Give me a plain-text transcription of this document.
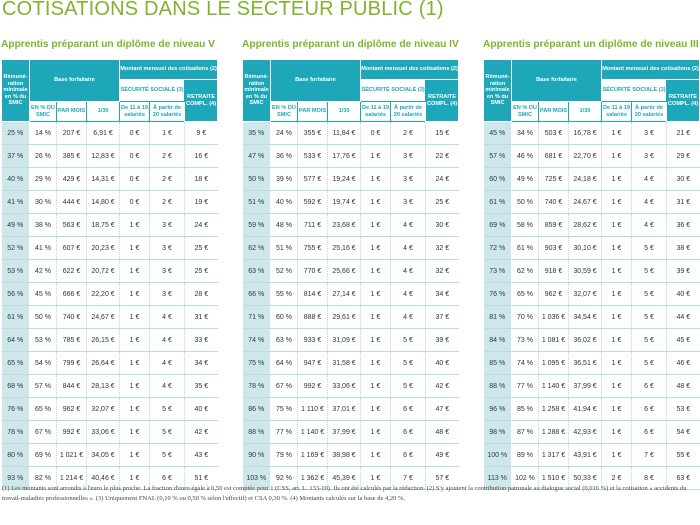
COTISATIONS DANS LE SECTEUR PUBLIC (1)
Apprentis préparant un diplôme de niveau V
Rémuné-ration minimale en % du SMIC	Base forfaitaire			Montant mensuel des cotisations (2)		
				SÉCURITÉ SOCIALE (3)		RETRAITE COMPL. (4)
	EN % DU SMIC	PAR MOIS	1/30	De 11 à 19 salariés	À partir de 20 salariés	
25 %	14 %	207 €	6,91 €	0 €	1 €	9 €
37 %	26 %	385 €	12,83 €	0 €	2 €	16 €
40 %	29 %	429 €	14,31 €	0 €	2 €	18 €
41 %	30 %	444 €	14,80 €	0 €	2 €	19 €
49 %	38 %	563 €	18,75 €	1 €	3 €	24 €
52 %	41 %	607 €	20,23 €	1 €	3 €	25 €
53 %	42 %	622 €	20,72 €	1 €	3 €	25 €
56 %	45 %	666 €	22,20 €	1 €	3 €	28 €
61 %	50 %	740 €	24,67 €	1 €	4 €	31 €
64 %	53 %	785 €	26,15 €	1 €	4 €	33 €
65 %	54 %	799 €	26,64 €	1 €	4 €	34 €
68 %	57 %	844 €	28,13 €	1 €	4 €	35 €
76 %	65 %	962 €	32,07 €	1 €	5 €	40 €
78 %	67 %	992 €	33,06 €	1 €	5 €	42 €
80 %	69 %	1 021 €	34,05 €	1 €	5 €	43 €
93 %	82 %	1 214 €	40,46 €	1 €	6 €	51 €
Apprentis préparant un diplôme de niveau IV
Rémuné-ration minimale en % du SMIC	Base forfaitaire			Montant mensuel des cotisations (2)		
				SÉCURITÉ SOCIALE (3)		RETRAITE COMPL. (4)
	EN % DU SMIC	PAR MOIS	1/30	De 11 à 19 salariés	À partir de 20 salariés	
35 %	24 %	355 €	11,84 €	0 €	2 €	15 €
47 %	36 %	533 €	17,76 €	1 €	3 €	22 €
50 %	39 %	577 €	19,24 €	1 €	3 €	24 €
51 %	40 %	592 €	19,74 €	1 €	3 €	25 €
59 %	48 %	711 €	23,68 €	1 €	4 €	30 €
62 %	51 %	755 €	25,16 €	1 €	4 €	32 €
63 %	52 %	770 €	25,66 €	1 €	4 €	32 €
66 %	55 %	814 €	27,14 €	1 €	4 €	34 €
71 %	60 %	888 €	29,61 €	1 €	4 €	37 €
74 %	63 %	933 €	31,09 €	1 €	5 €	39 €
75 %	64 %	947 €	31,58 €	1 €	5 €	40 €
78 %	67 %	992 €	33,06 €	1 €	5 €	42 €
86 %	75 %	1 110 €	37,01 €	1 €	6 €	47 €
88 %	77 %	1 140 €	37,99 €	1 €	6 €	48 €
90 %	79 %	1 169 €	38,98 €	1 €	6 €	49 €
103 %	92 %	1 362 €	45,39 €	1 €	7 €	57 €
Apprentis préparant un diplôme de niveau III
Rémuné-ration minimale en % du SMIC	Base forfaitaire			Montant mensuel des cotisations (2)		
				SÉCURITÉ SOCIALE (3)		RETRAITE COMPL. (4)
	EN % DU SMIC	PAR MOIS	1/30	De 11 à 19 salariés	À partir de 20 salariés	
45 %	34 %	503 €	16,78 €	1 €	3 €	21 €
57 %	46 %	681 €	22,70 €	1 €	3 €	29 €
60 %	49 %	725 €	24,18 €	1 €	4 €	30 €
61 %	50 %	740 €	24,67 €	1 €	4 €	31 €
69 %	58 %	859 €	28,62 €	1 €	4 €	36 €
72 %	61 %	903 €	30,10 €	1 €	5 €	38 €
73 %	62 %	918 €	30,59 €	1 €	5 €	39 €
76 %	65 %	962 €	32,07 €	1 €	5 €	40 €
81 %	70 %	1 036 €	34,54 €	1 €	5 €	44 €
84 %	73 %	1 081 €	36,02 €	1 €	5 €	45 €
85 %	74 %	1 095 €	36,51 €	1 €	5 €	46 €
88 %	77 %	1 140 €	37,99 €	1 €	6 €	48 €
96 %	85 %	1 258 €	41,94 €	1 €	6 €	53 €
98 %	87 %	1 288 €	42,93 €	1 €	6 €	54 €
100 %	89 %	1 317 €	43,91 €	1 €	7 €	55 €
113 %	102 %	1 510 €	50,33 €	2 €	8 €	63 €

(1) Les montants sont arrondis à l'euro le plus proche. La fraction d'euro égale à 0,50 est comptée pour 1 (CSS, art. L. 133-10). Ils ont été calculés par la rédaction. (2) S'y ajoutent la contribution patronale au dialogue social (0,016 %) et la cotisation « accidents du travail-maladies professionnelles ». (3) Uniquement FNAL (0,10 % ou 0,50 % selon l'effectif) et CSA 0,30 %. (4) Montants calculés sur la base de 4,20 %.
